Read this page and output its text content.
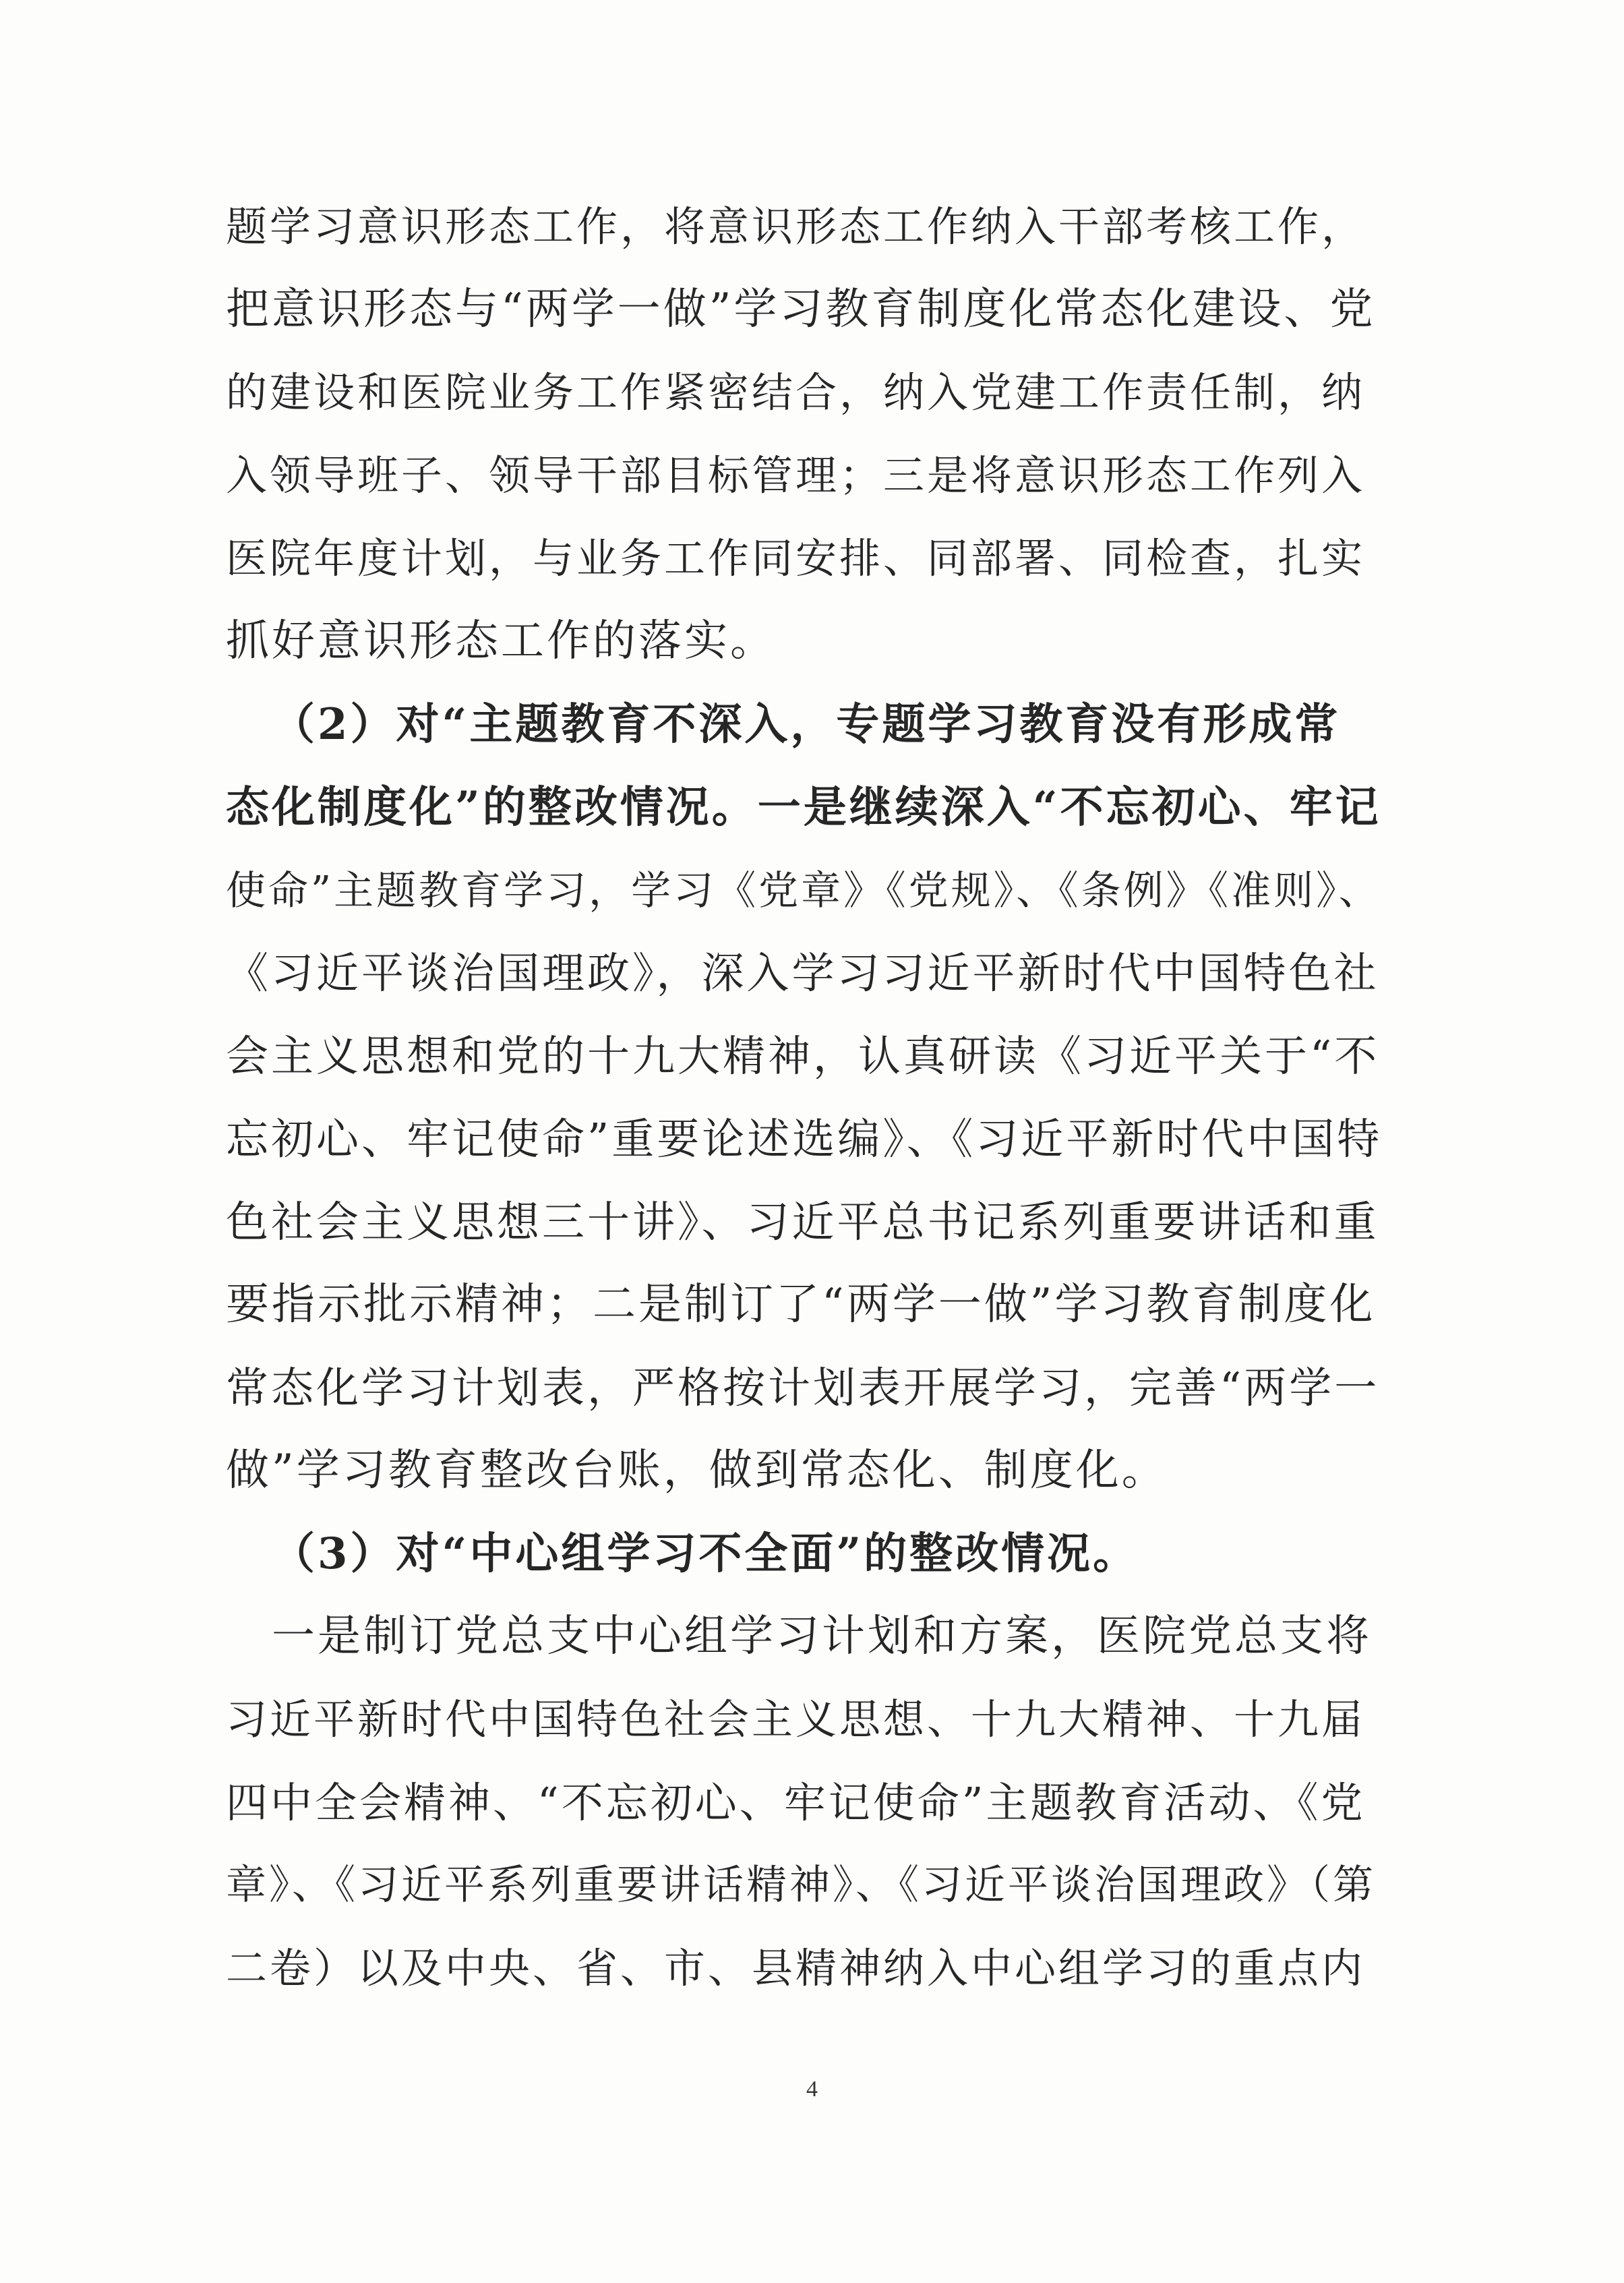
题学习意识形态工作，将意识形态工作纳入干部考核工作，
把意识形态与“两学一做”学习教育制度化常态化建设、党
的建设和医院业务工作紧密结合，纳入党建工作责任制，纳
入领导班子、领导干部目标管理；三是将意识形态工作列入
医院年度计划，与业务工作同安排、同部署、同检查，扎实
抓好意识形态工作的落实。
（2）对“主题教育不深入，专题学习教育没有形成常
态化制度化”的整改情况。一是继续深入“不忘初心、牢记
使命”主题教育学习，学习《党章》《党规》、《条例》《准则》、
《习近平谈治国理政》，深入学习习近平新时代中国特色社
会主义思想和党的十九大精神，认真研读《习近平关于“不
忘初心、牢记使命”重要论述选编》、《习近平新时代中国特
色社会主义思想三十讲》、习近平总书记系列重要讲话和重
要指示批示精神；二是制订了“两学一做”学习教育制度化
常态化学习计划表，严格按计划表开展学习，完善“两学一
做”学习教育整改台账，做到常态化、制度化。
（3）对“中心组学习不全面”的整改情况。
一是制订党总支中心组学习计划和方案，医院党总支将
习近平新时代中国特色社会主义思想、十九大精神、十九届
四中全会精神、“不忘初心、牢记使命”主题教育活动、《党
章》、《习近平系列重要讲话精神》、《习近平谈治国理政》（第
二卷）以及中央、省、市、县精神纳入中心组学习的重点内
4
